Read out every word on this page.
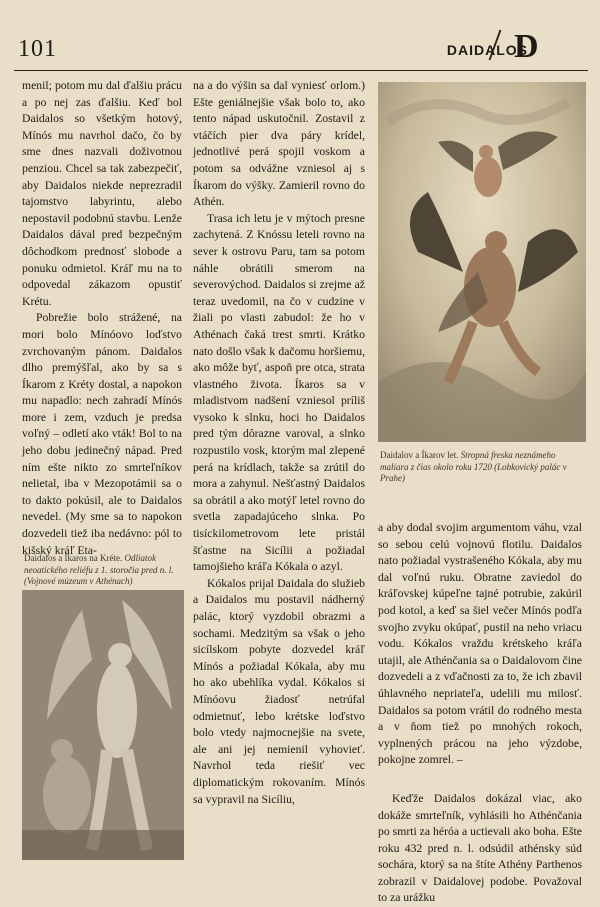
101	DAIDALOS
D

menil; potom mu dal ďalšiu prácu a po nej zas ďalšiu. Keď bol Daidalos so všetkým hotový, Mínós mu navrhol dačo, čo by sme dnes nazvali doživotnou penziou. Chcel sa tak zabezpečiť, aby Daidalos niekde neprezradil tajomstvo labyrintu, alebo nepostavil podobnú stavbu. Lenže Daidalos dával pred bezpečným dôchodkom prednosť slobode a ponuku odmietol. Kráľ mu na to odpovedal zákazom opustiť Krétu.

Pobrežie bolo strážené, na mori bolo Mínóovo loďstvo zvrchovaným pánom. Daidalos dlho premýšľal, ako by sa s Íkarom z Kréty dostal, a napokon mu napadlo: nech zahradí Mínós more i zem, vzduch je predsa voľný – odletí ako vták! Bol to na jeho dobu jedinečný nápad. Pred ním ešte nikto zo smrteľníkov nelietal, iba v Mezopotámii sa o to dakto pokúsil, ale to Daidalos nevedel. (My sme sa to napokon dozvedeli tiež iba nedávno: pól to kišský kráľ Eta-

na a do výšin sa dal vyniesť orlom.) Ešte geniálnejšie však bolo to, ako tento nápad uskutočnil. Zostavil z vtáčích pier dva páry krídel, jednotlivé perá spojil voskom a potom sa odvážne vzniesol aj s Íkarom do výšky. Zamieril rovno do Athén.

Trasa ich letu je v mýtoch presne zachytená. Z Knóssu leteli rovno na sever k ostrovu Paru, tam sa potom náhle obrátili smerom na severovýchod. Daidalos si zrejme až teraz uvedomil, na čo v cudzine v žiali po vlasti zabudol: že ho v Athénach čaká trest smrti. Krátko nato došlo však k dačomu horšiemu, ako môže byť, aspoň pre otca, strata vlastného života. Íkaros sa v mladistvom nadšení vzniesol príliš vysoko k slnku, hoci ho Daidalos pred tým dôrazne varoval, a slnko rozpustilo vosk, ktorým mal zlepené perá na krídlach, takže sa zrútil do mora a zahynul. Nešťastný Daidalos sa obrátil a ako motýľ letel rovno do svetla zapadajúceho slnka. Po tisíckilometrovom lete pristál šťastne na Sicílii a požiadal tamojšieho kráľa Kókala o azyl.

Kókalos prijal Daidala do služieb a Daidalos mu postavil nádherný palác, ktorý vyzdobil obrazmi a sochami. Medzitým sa však o jeho sicílskom pobyte dozvedel kráľ Mínós a požiadal Kókala, aby mu ho ako ubehlíka vydal. Kókalos si Mínóovu žiadosť netrúfal odmietnuť, lebo krétske loďstvo bolo vtedy najmocnejšie na svete, ale ani jej nemienil vyhovieť. Navrhol teda riešiť vec diplomatickým rokovaním. Mínós sa vypravil na Sicíliu,

Daidalov a Íkarov let. Stropná freska neznámeho maliara z čias okolo roku 1720 (Lobkovický palác v Prahe)

a aby dodal svojim argumentom váhu, vzal so sebou celú vojnovú flotilu. Daidalos nato požiadal vystrašeného Kókala, aby mu dal voľnú ruku. Obratne zaviedol do kráľovskej kúpeľne tajné potrubie, zakúril pod kotol, a keď sa šiel večer Mínós podľa svojho zvyku okúpať, pustil na neho vriacu vodu. Kókalos vraždu krétskeho kráľa utajil, ale Athénčania sa o Daidalovom čine dozvedeli a z vďačnosti za to, že ich zbavil úhlavného nepriateľa, udelili mu milosť. Daidalos sa potom vrátil do rodného mesta a v ňom tiež po mnohých rokoch, vyplnených prácou na jeho výzdobe, pokojne zomrel. –

Keďže Daidalos dokázal viac, ako dokáže smrteľník, vyhlásili ho Athénčania po smrti za héróa a uctievali ako boha. Ešte roku 432 pred n. l. odsúdil athénsky súd sochára, ktorý sa na štíte Athény Parthenos zobrazil v Daidalovej podobe. Považoval to za urážku

Daidalos a Íkaros na Kréte. Odliatok neoatického reliéfu z 1. storočia pred n. l. (Vojnové múzeum v Athénach)
